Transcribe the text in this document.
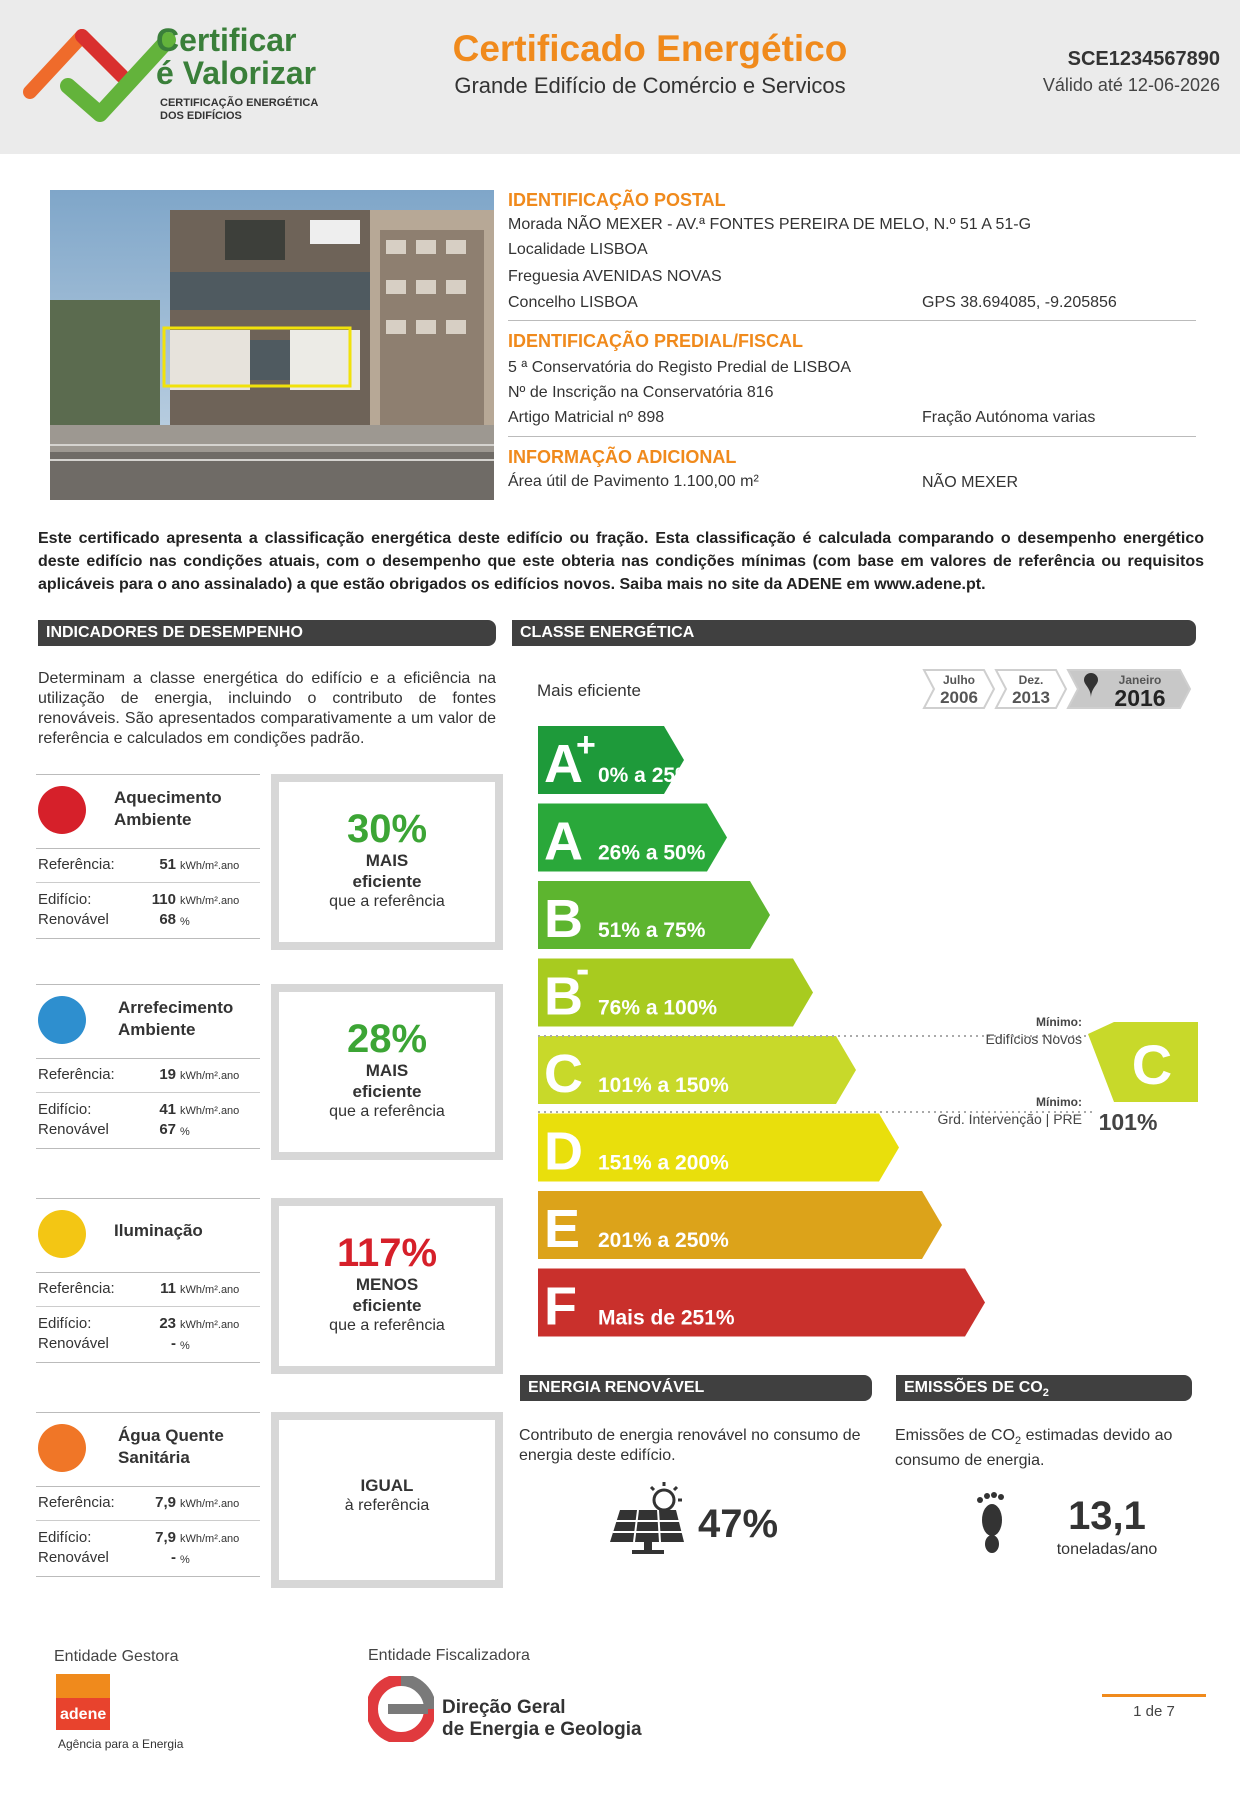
Certificar
é Valorizar
CERTIFICAÇÃO ENERGÉTICA
DOS EDIFÍCIOS
Certificado Energético
Grande Edifício de Comércio e Servicos
SCE1234567890
Válido até 12-06-2026
IDENTIFICAÇÃO POSTAL
Morada NÃO MEXER - AV.ª FONTES PEREIRA DE MELO, N.º 51 A 51-G
Localidade LISBOA
Freguesia AVENIDAS NOVAS
Concelho LISBOA	GPS 38.694085, -9.205856
IDENTIFICAÇÃO PREDIAL/FISCAL
5 ª Conservatória do Registo Predial de LISBOA
Nº de Inscrição na Conservatória 816
Artigo Matricial nº 898	Fração Autónoma varias
INFORMAÇÃO ADICIONAL
Área útil de Pavimento 1.100,00 m²	NÃO MEXER
Este certificado apresenta a classificação energética deste edifício ou fração. Esta classificação é calculada comparando o desempenho energético deste edifício nas condições atuais, com o desempenho que este obteria nas condições mínimas (com base em valores de referência ou requisitos aplicáveis para o ano assinalado) a que estão obrigados os edifícios novos. Saiba mais no site da ADENE em www.adene.pt.
INDICADORES DE DESEMPENHO
Determinam a classe energética do edifício e a eficiência na utilização de energia, incluindo o contributo de fontes renováveis. São apresentados comparativamente a um valor de referência e calculados em condições padrão.
Aquecimento
Ambiente
Referência:	51 kWh/m².ano
Edifício:	110 kWh/m².ano
Renovável	68 %
30%
MAIS
eficiente
que a referência
Arrefecimento
Ambiente
Referência:	19 kWh/m².ano
Edifício:	41 kWh/m².ano
Renovável	67 %
28%
MAIS
eficiente
que a referência
Iluminação
Referência:	11 kWh/m².ano
Edifício:	23 kWh/m².ano
Renovável	- %
117%
MENOS
eficiente
que a referência
Água Quente
Sanitária
Referência:	7,9 kWh/m².ano
Edifício:	7,9 kWh/m².ano
Renovável	- %
IGUAL
à referência
CLASSE ENERGÉTICA
Mais eficiente
Julho
2006
Dez.
2013
Janeiro
2016
A
+
0% a 25%
A 26% a 50%
B 51% a 75%
B
-
76% a 100%
C 101% a 150%
D 151% a 200%
E 201% a 250%
F Mais de 251%
Mínimo:
Edifícios Novos
Mínimo:
Grd. Intervenção | PRE
C
101%
ENERGIA RENOVÁVEL
Contributo de energia renovável no consumo de energia deste edifício.
47%
EMISSÕES DE $CO_2$
Emissões de $CO_2$ estimadas devido ao consumo de energia.
13,1
toneladas/ano
Entidade Gestora
adene
Agência para a Energia
Entidade Fiscalizadora
Direção Geral
de Energia e Geologia
1 de 7
